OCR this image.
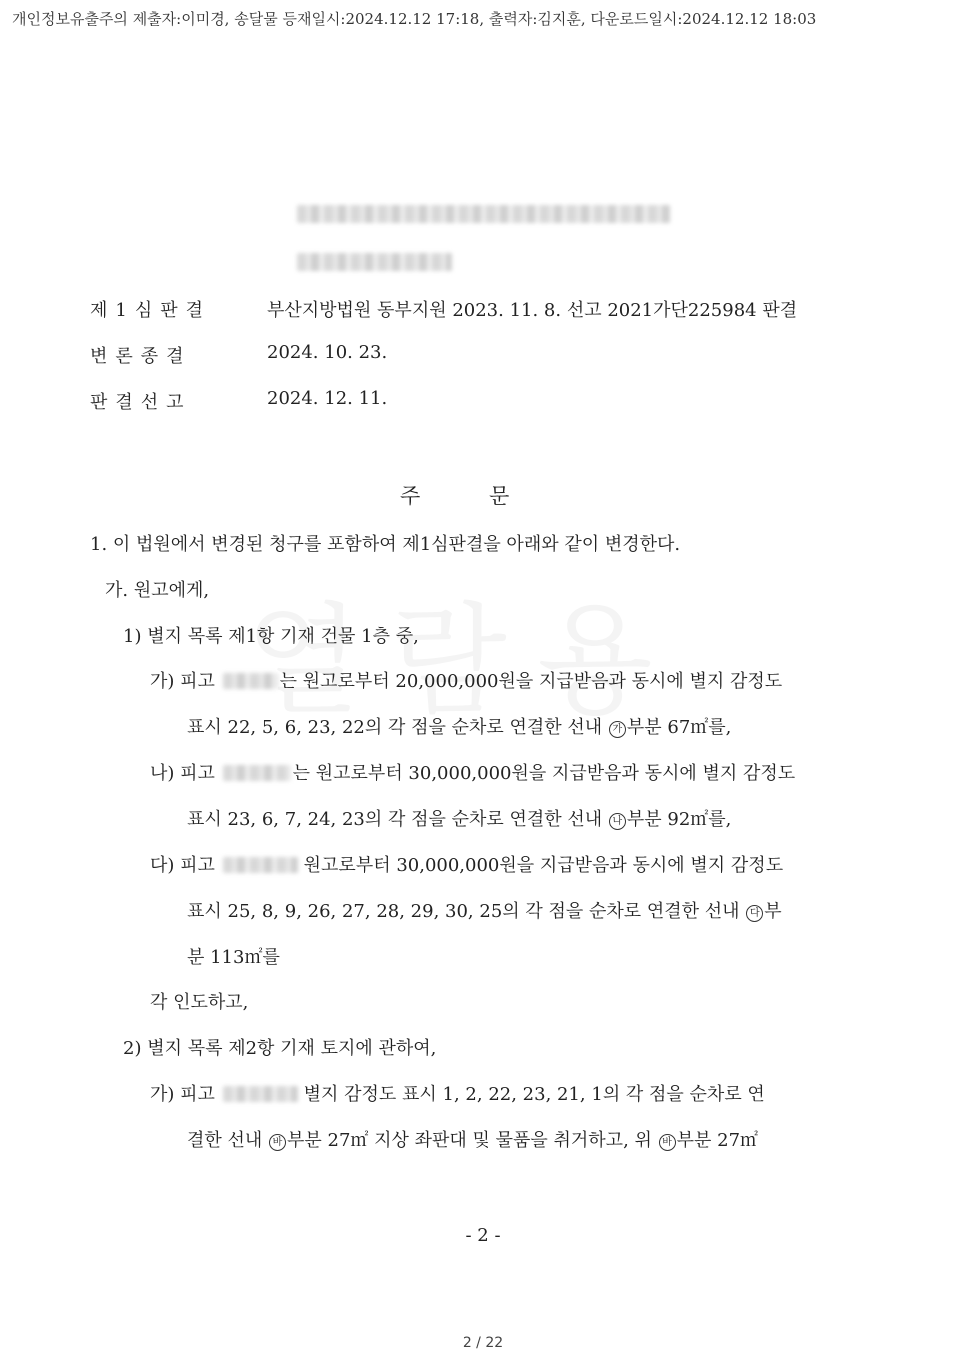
개인정보유출주의 제출자:이미경, 송달물 등재일시:2024.12.12 17:18, 출력자:김지훈, 다운로드일시:2024.12.12 18:03
제1심판결	부산지방법원 동부지원 2023. 11. 8. 선고 2021가단225984 판결
변론종결	2024. 10. 23.
판결선고	2024. 12. 11.
주	문
1. 이 법원에서 변경된 청구를 포함하여 제1심판결을 아래와 같이 변경한다.
가. 원고에게,
1) 별지 목록 제1항 기재 건물 1층 중,
가) 피고	는 원고로부터 20,000,000원을 지급받음과 동시에 별지 감정도
표시 22, 5, 6, 23, 22의 각 점을 순차로 연결한 선내 가 부분 67㎡를,
나) 피고	는 원고로부터 30,000,000원을 지급받음과 동시에 별지 감정도
표시 23, 6, 7, 24, 23의 각 점을 순차로 연결한 선내 나 부분 92㎡를,
다) 피고	원고로부터 30,000,000원을 지급받음과 동시에 별지 감정도
표시 25, 8, 9, 26, 27, 28, 29, 30, 25의 각 점을 순차로 연결한 선내 다 부
분 113㎡를
각 인도하고,
2) 별지 목록 제2항 기재 토지에 관하여,
가) 피고	별지 감정도 표시 1, 2, 22, 23, 21, 1의 각 점을 순차로 연
결한 선내 바 부분 27㎡ 지상 좌판대 및 물품을 취거하고, 위 바 부분 27㎡
- 2 -
2 / 22
